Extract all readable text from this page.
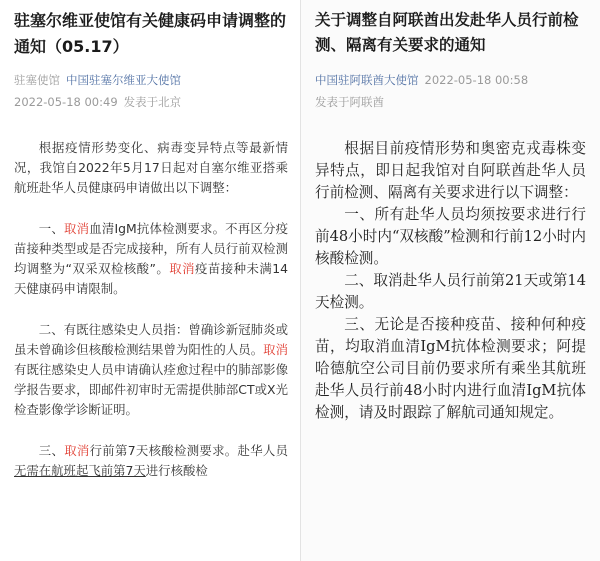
驻塞尔维亚使馆有关健康码申请调整的通知（05.17）
驻塞使馆 中国驻塞尔维亚大使馆
2022-05-18 00:49 发表于北京

根据疫情形势变化、病毒变异特点等最新情况，我馆自2022年5月17日起对自塞尔维亚搭乘航班赴华人员健康码申请做出以下调整：

一、取消血清IgM抗体检测要求。不再区分疫苗接种类型或是否完成接种，所有人员行前双检测均调整为“双采双检核酸”。取消疫苗接种未满14天健康码申请限制。

二、有既往感染史人员指：曾确诊新冠肺炎或虽未曾确诊但核酸检测结果曾为阳性的人员。取消有既往感染史人员申请确认痊愈过程中的肺部影像学报告要求，即邮件初审时无需提供肺部CT或X光检查影像学诊断证明。

三、取消行前第7天核酸检测要求。赴华人员无需在航班起飞前第7天进行核酸检

关于调整自阿联酋出发赴华人员行前检测、隔离有关要求的通知
中国驻阿联酋大使馆 2022-05-18 00:58
发表于阿联酋

根据目前疫情形势和奥密克戎毒株变异特点，即日起我馆对自阿联酋赴华人员行前检测、隔离有关要求进行以下调整：

一、所有赴华人员均须按要求进行行前48小时内“双核酸”检测和行前12小时内核酸检测。

二、取消赴华人员行前第21天或第14天检测。

三、无论是否接种疫苗、接种何种疫苗，均取消血清IgM抗体检测要求；阿提哈德航空公司目前仍要求所有乘坐其航班赴华人员行前48小时内进行血清IgM抗体检测，请及时跟踪了解航司通知规定。
